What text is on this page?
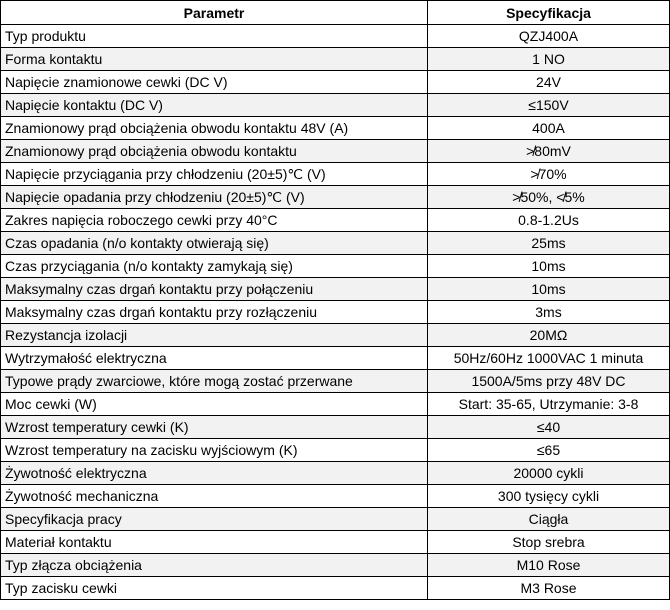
Parametr	Specyfikacja
Typ produktu	QZJ400A
Forma kontaktu	1 NO
Napięcie znamionowe cewki (DC V)	24V
Napięcie kontaktu (DC V)	≤150V
Znamionowy prąd obciążenia obwodu kontaktu 48V (A)	400A
Znamionowy prąd obciążenia obwodu kontaktu	≯80mV
Napięcie przyciągania przy chłodzeniu (20±5)℃ (V)	≯70%
Napięcie opadania przy chłodzeniu (20±5)℃ (V)	≯50%, ≮5%
Zakres napięcia roboczego cewki przy 40°C	0.8-1.2Us
Czas opadania (n/o kontakty otwierają się)	25ms
Czas przyciągania (n/o kontakty zamykają się)	10ms
Maksymalny czas drgań kontaktu przy połączeniu	10ms
Maksymalny czas drgań kontaktu przy rozłączeniu	3ms
Rezystancja izolacji	20MΩ
Wytrzymałość elektryczna	50Hz/60Hz 1000VAC 1 minuta
Typowe prądy zwarciowe, które mogą zostać przerwane	1500A/5ms przy 48V DC
Moc cewki (W)	Start: 35-65, Utrzymanie: 3-8
Wzrost temperatury cewki (K)	≤40
Wzrost temperatury na zacisku wyjściowym (K)	≤65
Żywotność elektryczna	20000 cykli
Żywotność mechaniczna	300 tysięcy cykli
Specyfikacja pracy	Ciągła
Materiał kontaktu	Stop srebra
Typ złącza obciążenia	M10 Rose
Typ zacisku cewki	M3 Rose
